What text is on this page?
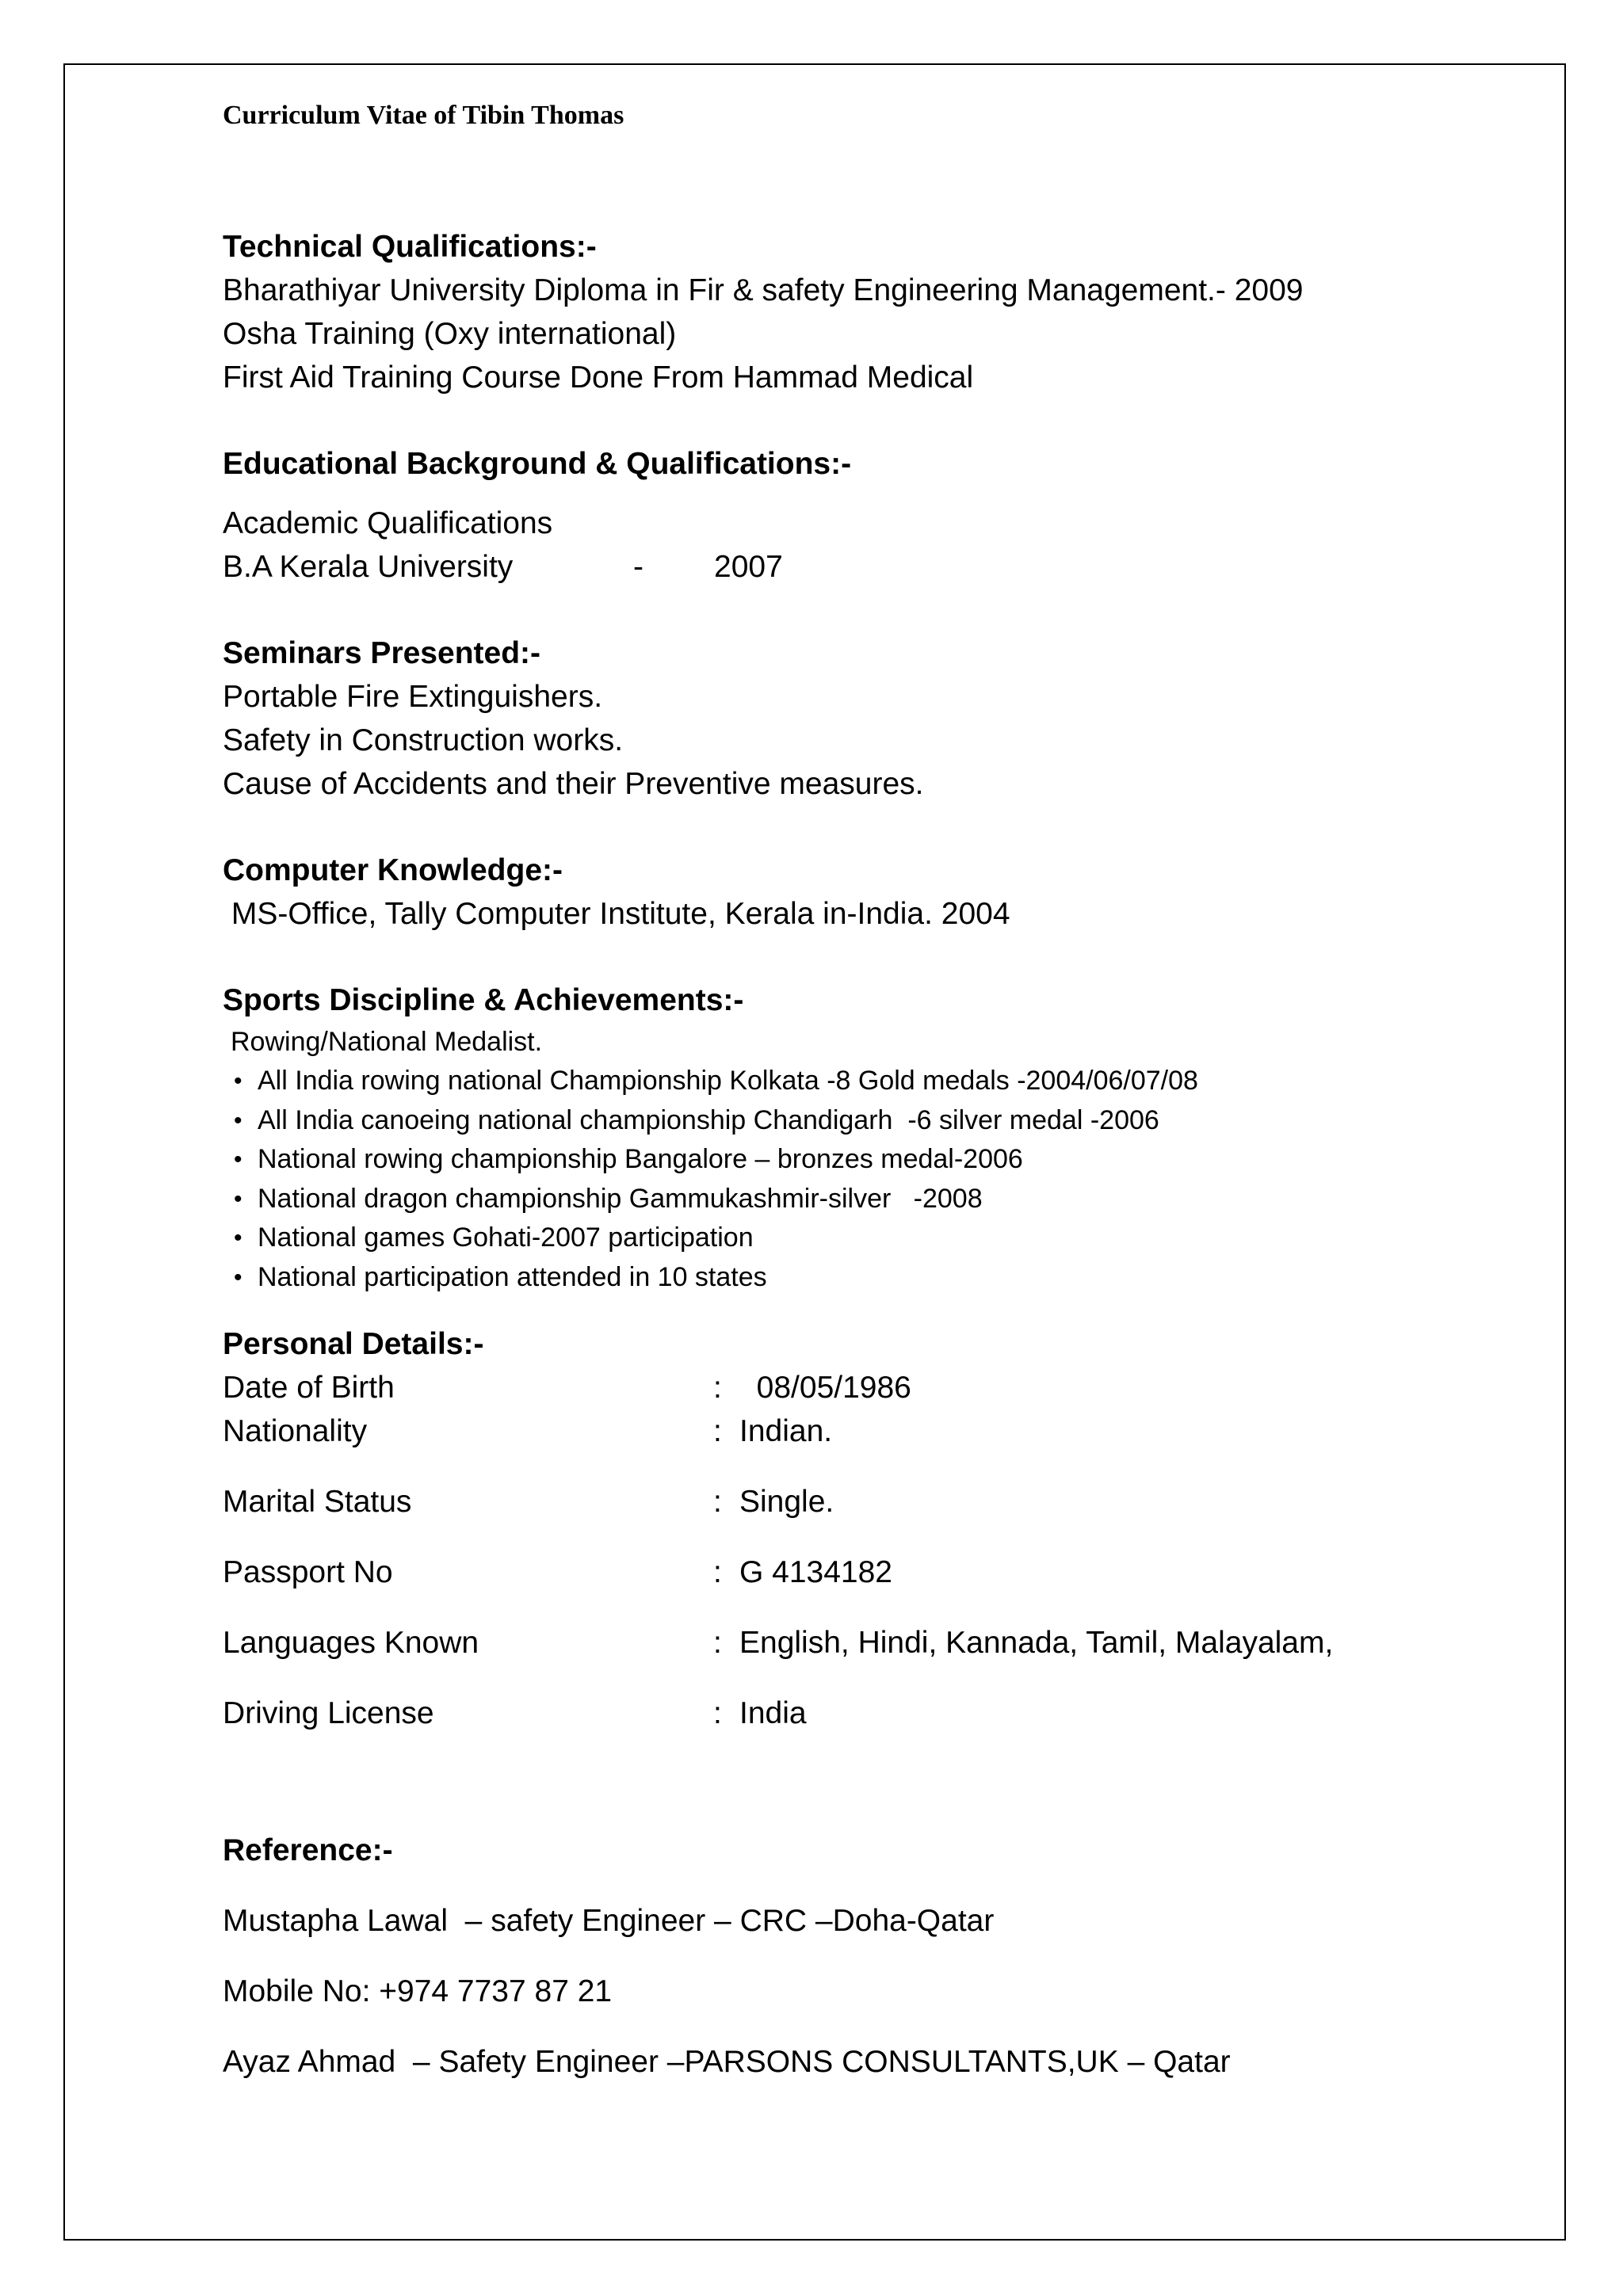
Curriculum Vitae of Tibin Thomas

Technical Qualifications:-

Bharathiyar University Diploma in Fir & safety Engineering Management.- 2009

Osha Training (Oxy international)

First Aid Training Course Done From Hammad Medical

Educational Background & Qualifications:-

Academic Qualifications

B.A Kerala University	-	2007

Seminars Presented:-

Portable Fire Extinguishers.

Safety in Construction works.

Cause of Accidents and their Preventive measures.

Computer Knowledge:-

MS-Office, Tally Computer Institute, Kerala in-India. 2004

Sports Discipline & Achievements:-

Rowing/National Medalist.

• All India rowing national Championship Kolkata -8 Gold medals -2004/06/07/08
• All India canoeing national championship Chandigarh  -6 silver medal -2006
• National rowing championship Bangalore – bronzes medal-2006
• National dragon championship Gammukashmir-silver   -2008
• National games Gohati-2007 participation
• National participation attended in 10 states

Personal Details:-

Date of Birth	: 08/05/1986
Nationality	: Indian.
Marital Status	: Single.
Passport No	: G 4134182
Languages Known	: English, Hindi, Kannada, Tamil, Malayalam,
Driving License	: India

Reference:-

Mustapha Lawal  – safety Engineer – CRC –Doha-Qatar

Mobile No: +974 7737 87 21

Ayaz Ahmad  – Safety Engineer –PARSONS CONSULTANTS,UK – Qatar
